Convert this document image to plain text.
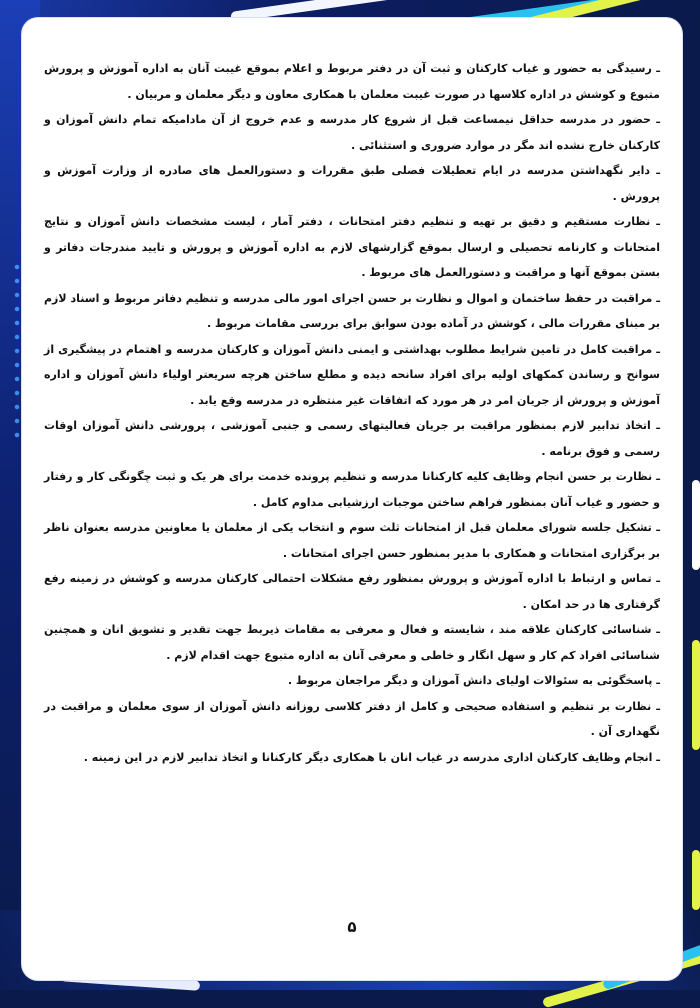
ـ رسیدگی به حضور و غیاب کارکنان و ثبت آن در دفتر مربوط و اعلام بموقع غیبت آنان به اداره آموزش و پرورش متبوع و کوشش در اداره کلاسها در صورت غیبت معلمان با همکاری معاون و دیگر معلمان و مربیان .

ـ حضور در مدرسه حداقل نیمساعت قبل از شروع کار مدرسه و عدم خروج از آن مادامیکه تمام دانش آموزان و کارکنان خارج نشده اند مگر در موارد ضروری و استثنائی .

ـ دایر نگهداشتن مدرسه در ایام تعطیلات فصلی طبق مقررات و دستورالعمل های صادره از وزارت آموزش و پرورش .

ـ نظارت مستقیم و دقیق بر تهیه و تنظیم دفتر امتحانات ، دفتر آمار ، لیست مشخصات دانش آموزان و نتایج امتحانات و کارنامه تحصیلی و ارسال بموقع گزارشهای لازم به اداره آموزش و پرورش و تایید مندرجات دفاتر و بستن بموقع آنها و مراقبت و دستورالعمل های مربوط .

ـ مراقبت در حفظ ساختمان و اموال و نظارت بر حسن اجرای امور مالی مدرسه و تنظیم دفاتر مربوط و اسناد لازم بر مبنای مقررات مالی ، کوشش در آماده بودن سوابق برای بررسی مقامات مربوط .

ـ مراقبت کامل در تامین شرایط مطلوب بهداشتی و ایمنی دانش آموزان و کارکنان مدرسه و اهتمام در پیشگیری از سوانح و رساندن کمکهای اولیه برای افراد سانحه دیده و مطلع ساختن هرچه سریعتر اولیاء دانش آموزان و اداره آموزش و پرورش از جریان امر در هر مورد که اتفاقات غیر منتظره در مدرسه وقع یابد .

ـ اتخاذ تدابیر لازم بمنظور مراقبت بر جریان فعالیتهای رسمی و جنبی آموزشی ، پرورشی دانش آموزان اوقات رسمی و فوق برنامه .

ـ نظارت بر حسن انجام وظایف کلیه کارکنانا مدرسه و تنظیم پرونده خدمت برای هر یک و ثبت چگونگی کار و رفتار و حضور و غیاب آنان بمنظور فراهم ساختن موجبات ارزشیابی مداوم کامل .

ـ تشکیل جلسه شورای معلمان قبل از امتحانات ثلث سوم و انتخاب یکی از معلمان یا معاونین مدرسه بعنوان ناظر بر برگزاری امتحانات و همکاری با مدیر بمنظور حسن اجرای امتحانات .

ـ تماس و ارتباط با اداره آموزش و پرورش بمنظور رفع مشکلات احتمالی کارکنان مدرسه و کوشش در زمینه رفع گرفتاری ها در حد امکان .

ـ شناسائی کارکنان علاقه مند ، شایسته و فعال و معرفی به مقامات ذیربط جهت تقدیر و تشویق انان و همچنین شناسائی افراد کم کار و سهل انگار و خاطی و معرفی آنان به اداره متبوع جهت اقدام لازم .

ـ پاسخگوئی به سئوالات اولیای دانش آموزان و دیگر مراجعان مربوط .

ـ نظارت بر تنظیم و استفاده صحیحی و کامل از دفتر کلاسی روزانه دانش آموزان از سوی معلمان و مراقبت در نگهداری آن .

ـ انجام وظایف کارکنان اداری مدرسه در غیاب انان با همکاری دیگر کارکنانا و اتخاذ تدابیر لازم در این زمینه .

۵
